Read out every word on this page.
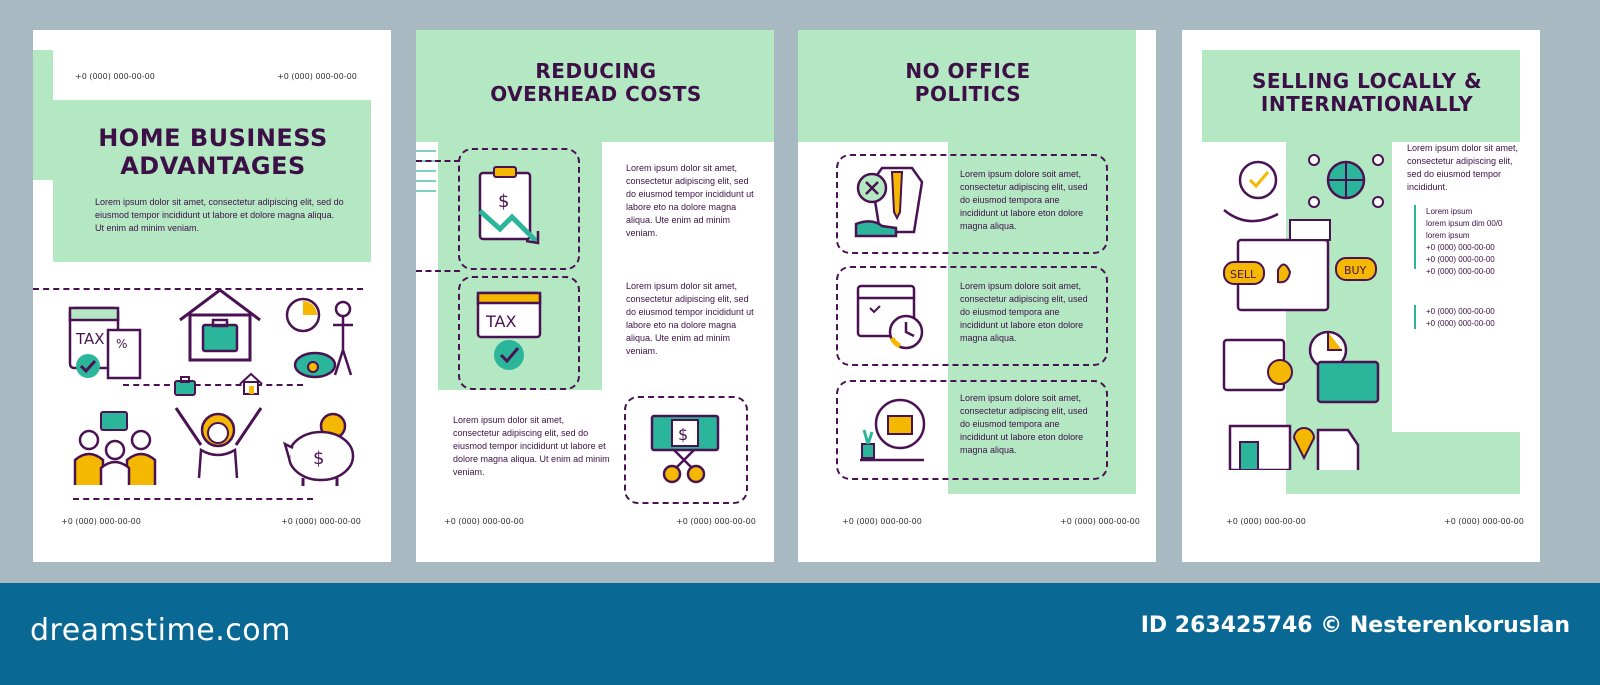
+0 (000) 000-00-00	+0 (000) 000-00-00
HOME BUSINESS
ADVANTAGES
Lorem ipsum dolor sit amet, consectetur adipiscing elit, sed do eiusmod tempor incididunt ut labore et dolore magna aliqua. Ut enim ad minim veniam.
TAX %
$
+0 (000) 000-00-00	+0 (000) 000-00-00
REDUCING
OVERHEAD COSTS
$
TAX
Lorem ipsum dolor sit amet, consectetur adipiscing elit, sed do eiusmod tempor incididunt ut labore eto na dolore magna aliqua. Ute enim ad minim veniam.
Lorem ipsum dolor sit amet, consectetur adipiscing elit, sed do eiusmod tempor incididunt ut labore eto na dolore magna aliqua. Ute enim ad minim veniam.
Lorem ipsum dolor sit amet, consectetur adipiscing elit, sed do eiusmod tempor incididunt ut labore et dolore magna aliqua. Ut enim ad minim veniam.
$
+0 (000) 000-00-00	+0 (000) 000-00-00
NO OFFICE
POLITICS
Lorem ipsum dolore soit amet, consectetur adipiscing elit, used do eiusmod tempora ane incididunt ut labore eton dolore magna aliqua.
Lorem ipsum dolore soit amet, consectetur adipiscing elit, used do eiusmod tempora ane incididunt ut labore eton dolore magna aliqua.
Lorem ipsum dolore soit amet, consectetur adipiscing elit, used do eiusmod tempora ane incididunt ut labore eton dolore magna aliqua.
+0 (000) 000-00-00	+0 (000) 000-00-00
SELLING LOCALLY &
INTERNATIONALLY
Lorem ipsum dolor sit amet, consectetur adipiscing elit, sed do eiusmod tempor incididunt.
Lorem ipsum
lorem ipsum dim 00/0
lorem ipsum
+0 (000) 000-00-00
+0 (000) 000-00-00
+0 (000) 000-00-00
+0 (000) 000-00-00
+0 (000) 000-00-00
SELL	BUY
+0 (000) 000-00-00	+0 (000) 000-00-00
dreamstime.com	ID 263425746 © Nesterenkoruslan
